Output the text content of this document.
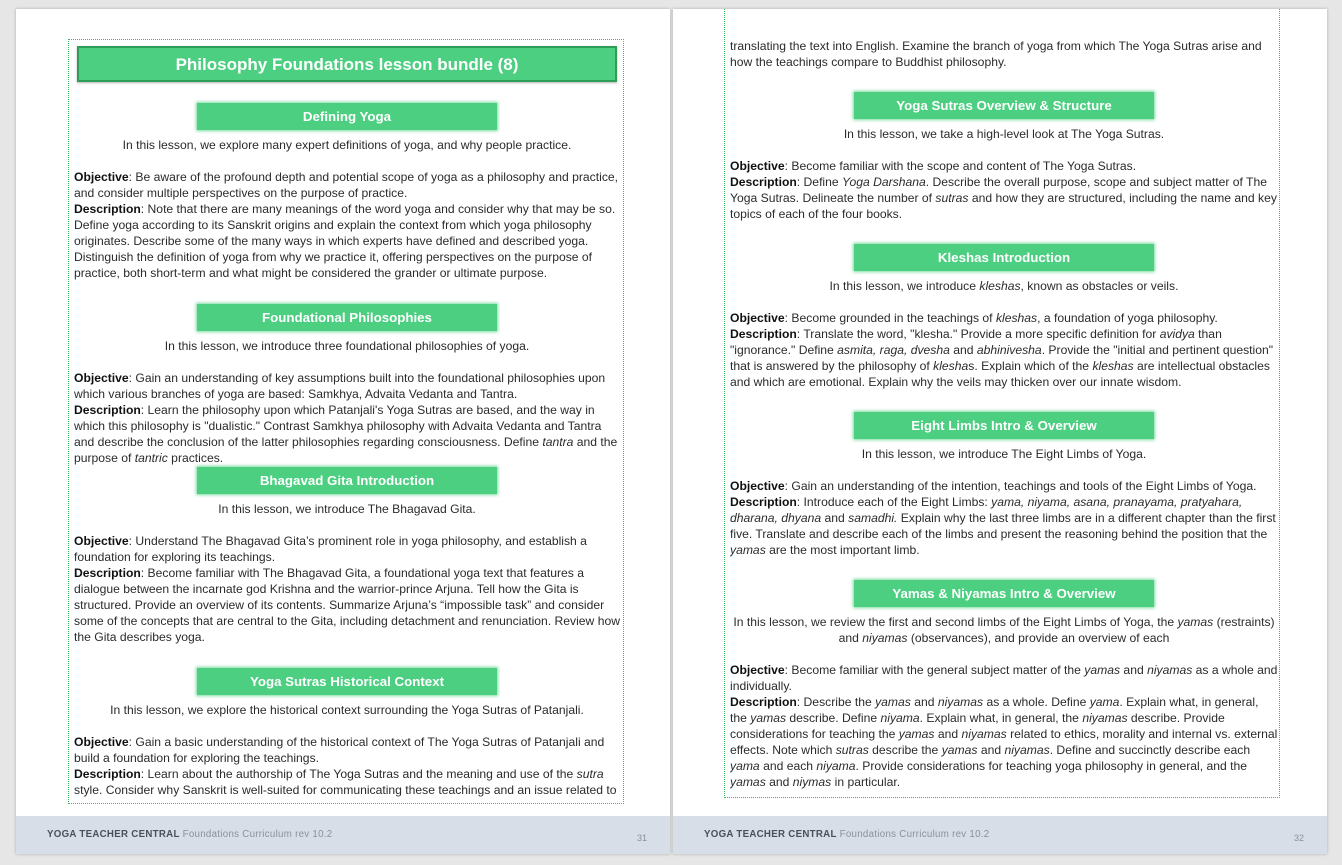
Philosophy Foundations lesson bundle (8)
Defining Yoga
In this lesson, we explore many expert definitions of yoga, and why people practice.
Objective: Be aware of the profound depth and potential scope of yoga as a philosophy and practice, and consider multiple perspectives on the purpose of practice.
Description: Note that there are many meanings of the word yoga and consider why that may be so. Define yoga according to its Sanskrit origins and explain the context from which yoga philosophy originates. Describe some of the many ways in which experts have defined and described yoga. Distinguish the definition of yoga from why we practice it, offering perspectives on the purpose of practice, both short-term and what might be considered the grander or ultimate purpose.
Foundational Philosophies
In this lesson, we introduce three foundational philosophies of yoga.
Objective: Gain an understanding of key assumptions built into the foundational philosophies upon which various branches of yoga are based: Samkhya, Advaita Vedanta and Tantra.
Description: Learn the philosophy upon which Patanjali's Yoga Sutras are based, and the way in which this philosophy is "dualistic." Contrast Samkhya philosophy with Advaita Vedanta and Tantra and describe the conclusion of the latter philosophies regarding consciousness. Define tantra and the purpose of tantric practices.
Bhagavad Gita Introduction
In this lesson, we introduce The Bhagavad Gita.
Objective: Understand The Bhagavad Gita’s prominent role in yoga philosophy, and establish a foundation for exploring its teachings.
Description: Become familiar with The Bhagavad Gita, a foundational yoga text that features a dialogue between the incarnate god Krishna and the warrior-prince Arjuna. Tell how the Gita is structured. Provide an overview of its contents. Summarize Arjuna’s “impossible task” and consider some of the concepts that are central to the Gita, including detachment and renunciation. Review how the Gita describes yoga.
Yoga Sutras Historical Context
In this lesson, we explore the historical context surrounding the Yoga Sutras of Patanjali.
Objective: Gain a basic understanding of the historical context of The Yoga Sutras of Patanjali and build a foundation for exploring the teachings.
Description: Learn about the authorship of The Yoga Sutras and the meaning and use of the sutra style. Consider why Sanskrit is well-suited for communicating these teachings and an issue related to
YOGA TEACHER CENTRAL Foundations Curriculum rev 10.2	31
translating the text into English. Examine the branch of yoga from which The Yoga Sutras arise and how the teachings compare to Buddhist philosophy.
Yoga Sutras Overview & Structure
In this lesson, we take a high-level look at The Yoga Sutras.
Objective: Become familiar with the scope and content of The Yoga Sutras.
Description: Define Yoga Darshana. Describe the overall purpose, scope and subject matter of The Yoga Sutras. Delineate the number of sutras and how they are structured, including the name and key topics of each of the four books.
Kleshas Introduction
In this lesson, we introduce kleshas, known as obstacles or veils.
Objective: Become grounded in the teachings of kleshas, a foundation of yoga philosophy.
Description: Translate the word, "klesha." Provide a more specific definition for avidya than "ignorance." Define asmita, raga, dvesha and abhinivesha. Provide the "initial and pertinent question" that is answered by the philosophy of kleshas. Explain which of the kleshas are intellectual obstacles and which are emotional. Explain why the veils may thicken over our innate wisdom.
Eight Limbs Intro & Overview
In this lesson, we introduce The Eight Limbs of Yoga.
Objective: Gain an understanding of the intention, teachings and tools of the Eight Limbs of Yoga.
Description: Introduce each of the Eight Limbs: yama, niyama, asana, pranayama, pratyahara, dharana, dhyana and samadhi. Explain why the last three limbs are in a different chapter than the first five. Translate and describe each of the limbs and present the reasoning behind the position that the yamas are the most important limb.
Yamas & Niyamas Intro & Overview
In this lesson, we review the first and second limbs of the Eight Limbs of Yoga, the yamas (restraints) and niyamas (observances), and provide an overview of each
Objective: Become familiar with the general subject matter of the yamas and niyamas as a whole and individually.
Description: Describe the yamas and niyamas as a whole. Define yama. Explain what, in general, the yamas describe. Define niyama. Explain what, in general, the niyamas describe. Provide considerations for teaching the yamas and niyamas related to ethics, morality and internal vs. external effects. Note which sutras describe the yamas and niyamas. Define and succinctly describe each yama and each niyama. Provide considerations for teaching yoga philosophy in general, and the yamas and niymas in particular.
YOGA TEACHER CENTRAL Foundations Curriculum rev 10.2	32
